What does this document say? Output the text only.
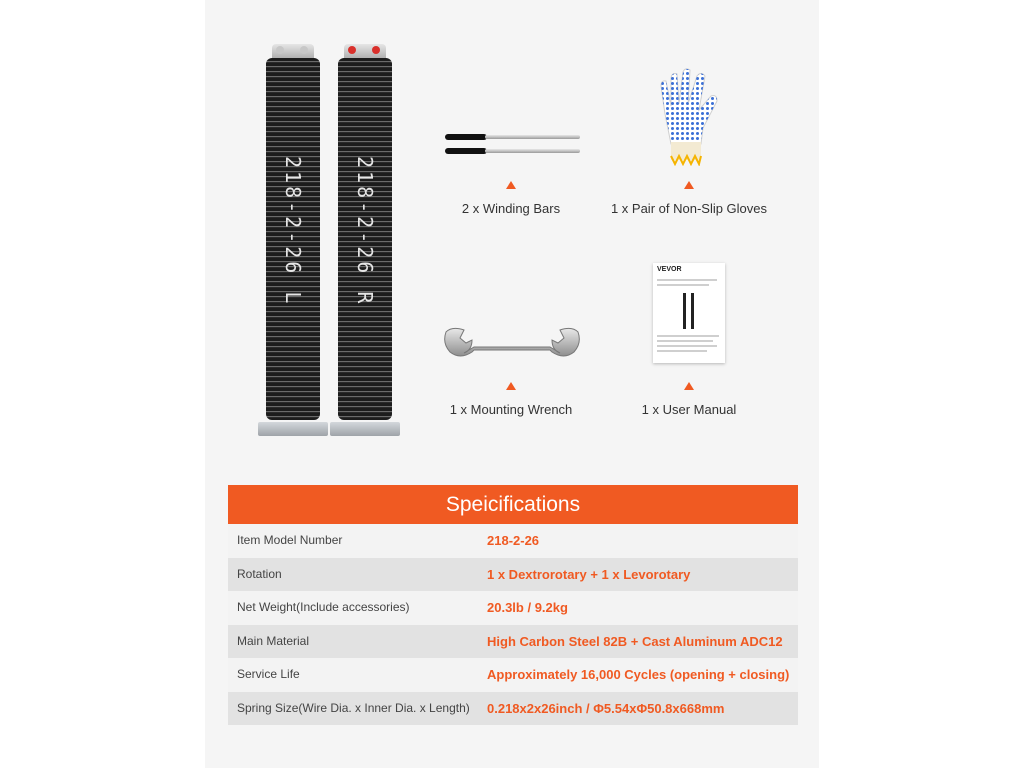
218-2-26 L 218-2-26 R	2 x Winding Bars	1 x Pair of Non-Slip Gloves
1 x Mounting Wrench
VEVOR
1 x User Manual
Speicifications
Item Model Number	218-2-26
Rotation	1 x Dextrorotary + 1 x Levorotary
Net Weight(Include accessories)	20.3lb / 9.2kg
Main Material	High Carbon Steel 82B + Cast Aluminum ADC12
Service Life	Approximately 16,000 Cycles (opening + closing)
Spring Size(Wire Dia. x Inner Dia. x Length) 0.218x2x26inch / Φ5.54xΦ50.8x668mm
